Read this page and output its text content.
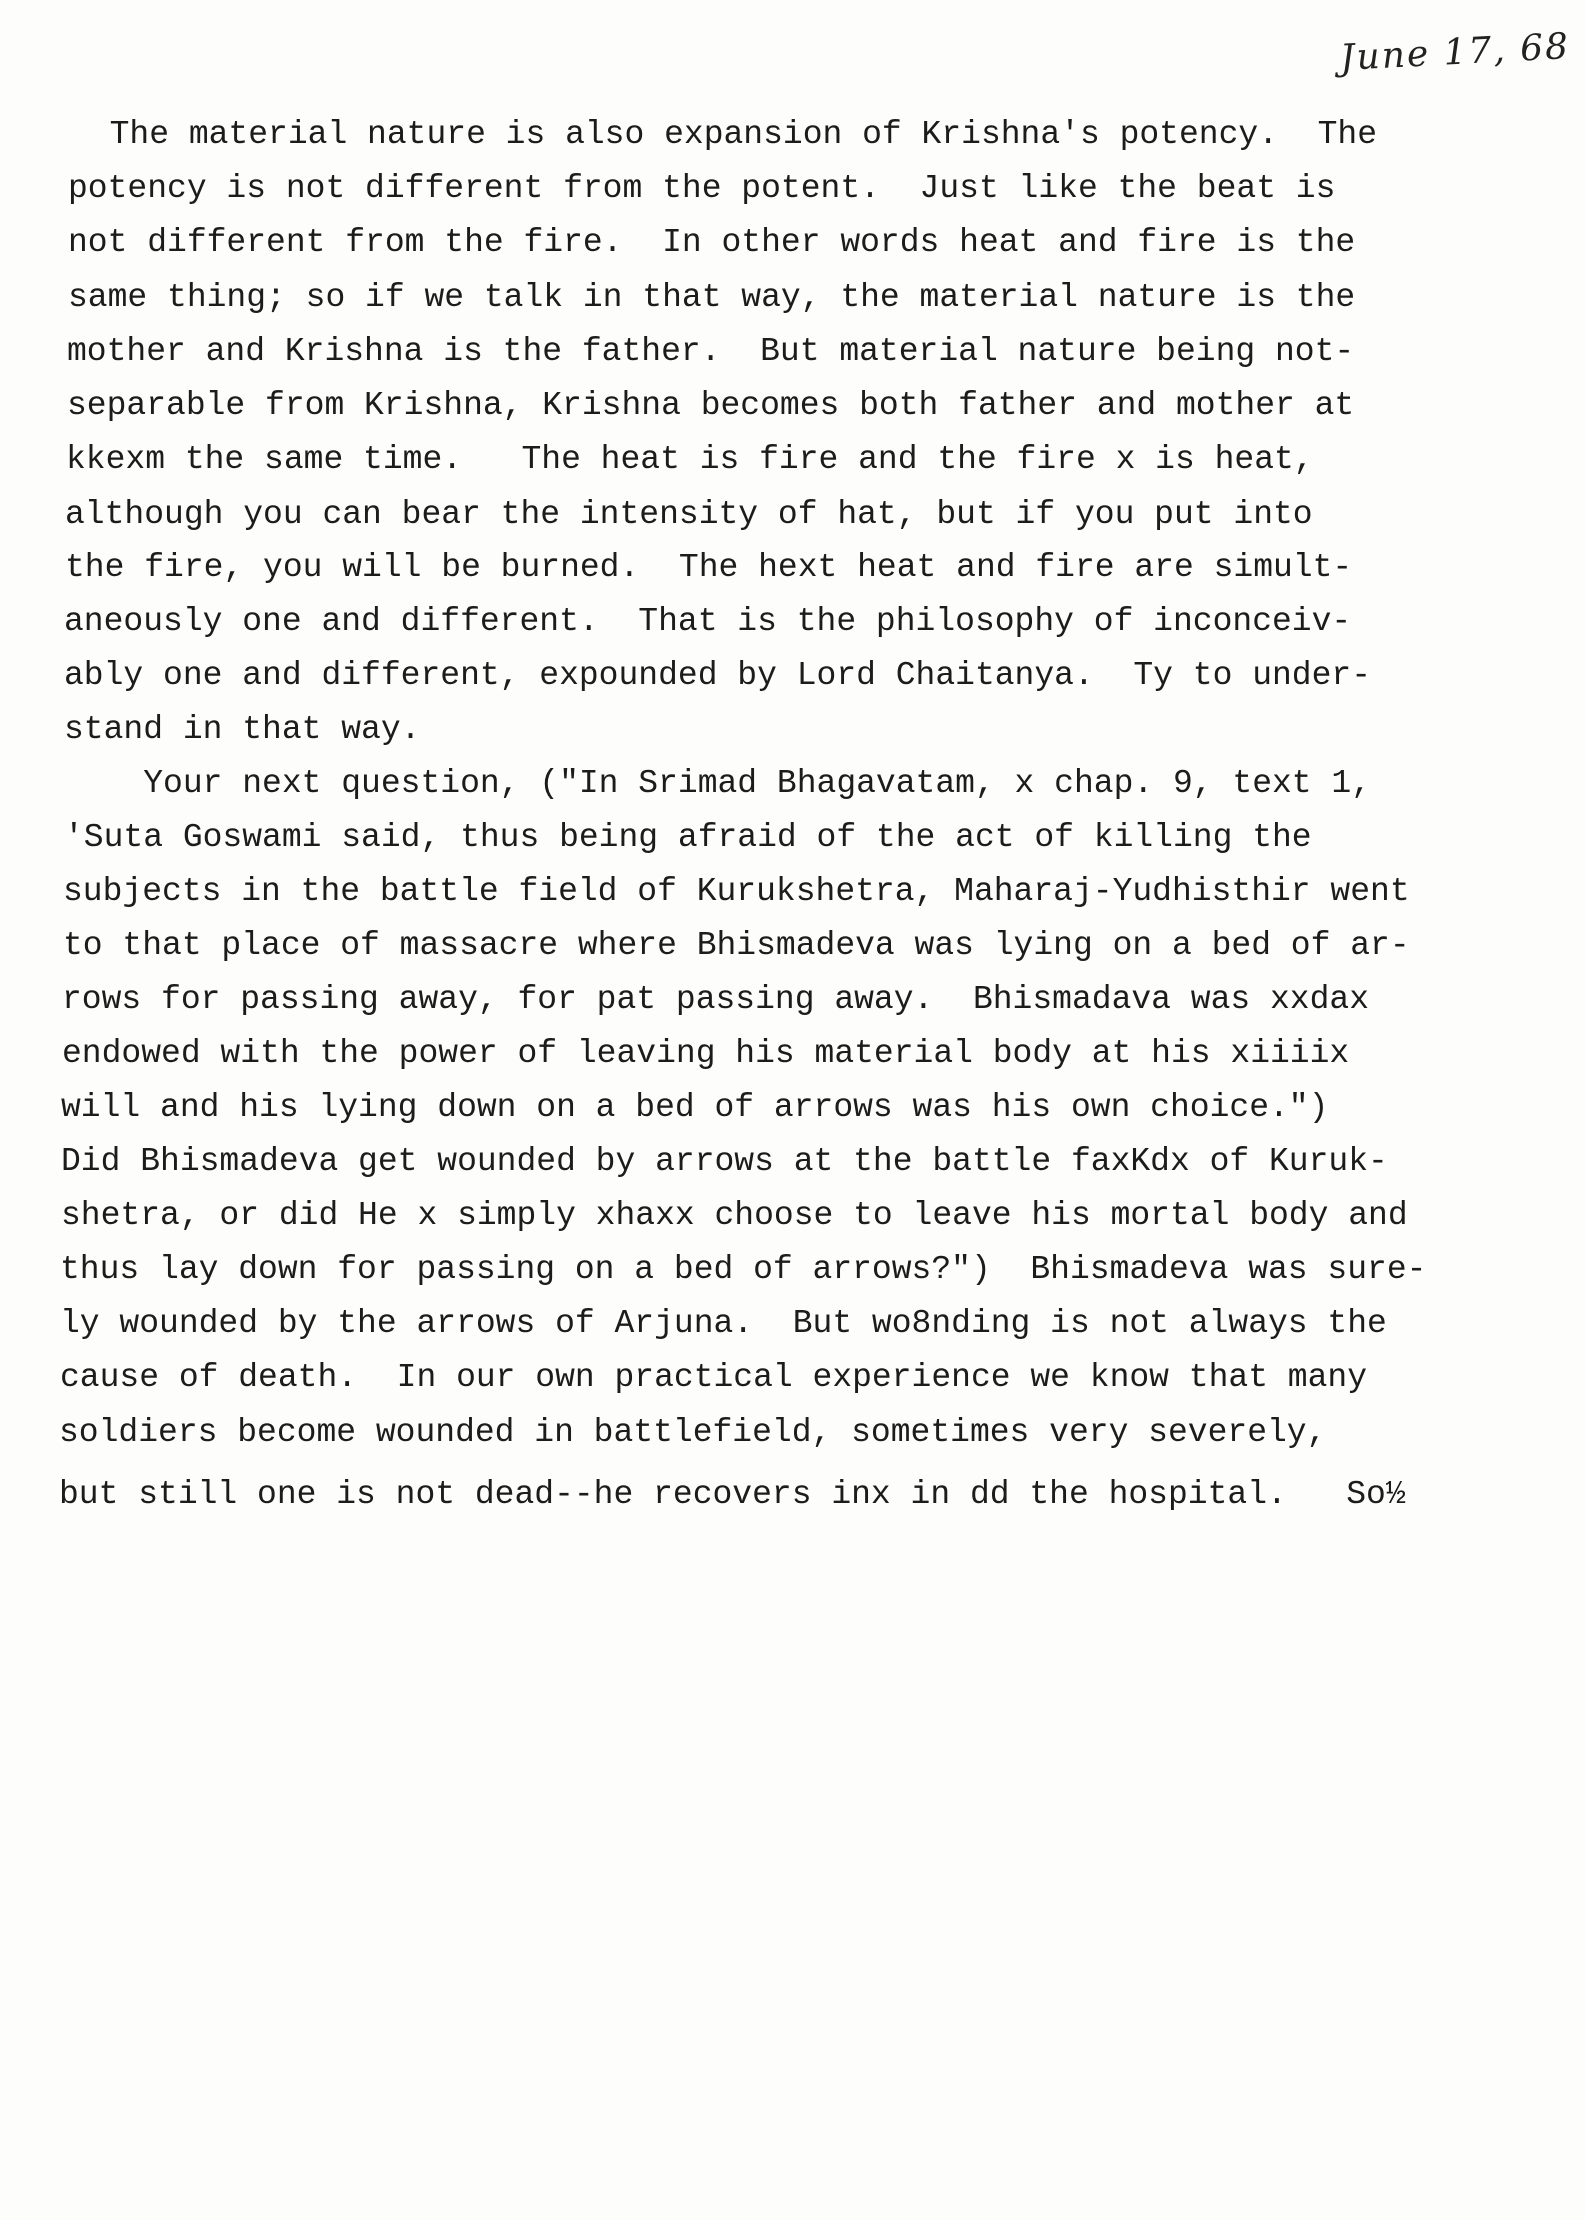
June 17, 68
The material nature is also expansion of Krishna's potency.  The
potency is not different from the potent.  Just like the beat is
not different from the fire.  In other words heat and fire is the
same thing; so if we talk in that way, the material nature is the
mother and Krishna is the father.  But material nature being not-
separable from Krishna, Krishna becomes both father and mother at
kkexm the same time.   The heat is fire and the fire x is heat,
although you can bear the intensity of hat, but if you put into
the fire, you will be burned.  The hext heat and fire are simult-
aneously one and different.  That is the philosophy of inconceiv-
ably one and different, expounded by Lord Chaitanya.  Ty to under-
stand in that way.
Your next question, ("In Srimad Bhagavatam, x chap. 9, text 1,
'Suta Goswami said, thus being afraid of the act of killing the
subjects in the battle field of Kurukshetra, Maharaj-Yudhisthir went
to that place of massacre where Bhismadeva was lying on a bed of ar-
rows for passing away, for pat passing away.  Bhismadava was xxdax
endowed with the power of leaving his material body at his xiiiix
will and his lying down on a bed of arrows was his own choice.")
Did Bhismadeva get wounded by arrows at the battle faxKdx of Kuruk-
shetra, or did He x simply xhaxx choose to leave his mortal body and
thus lay down for passing on a bed of arrows?")  Bhismadeva was sure-
ly wounded by the arrows of Arjuna.  But wo8nding is not always the
cause of death.  In our own practical experience we know that many
soldiers become wounded in battlefield, sometimes very severely,
but still one is not dead--he recovers inx in dd the hospital.   So½
